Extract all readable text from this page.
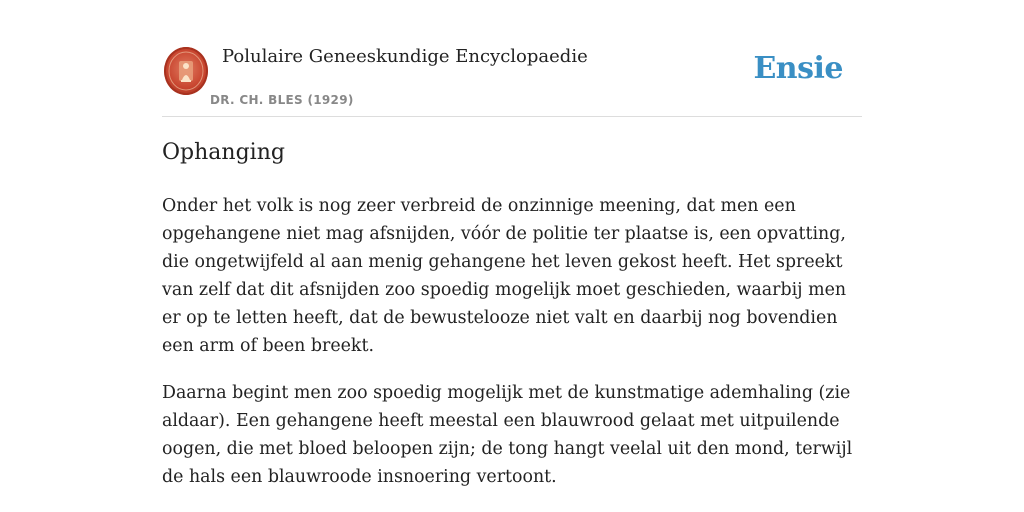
Polulaire Geneeskundige Encyclopaedie
DR. CH. BLES (1929)
Ensie
Ophanging

Onder het volk is nog zeer verbreid de onzinnige meening, dat men een opgehangene niet mag afsnijden, vóór de politie ter plaatse is, een opvatting, die ongetwijfeld al aan menig gehangene het leven gekost heeft. Het spreekt van zelf dat dit afsnijden zoo spoedig mogelijk moet geschieden, waarbij men er op te letten heeft, dat de bewustelooze niet valt en daarbij nog bovendien een arm of been breekt.

Daarna begint men zoo spoedig mogelijk met de kunstmatige ademhaling (zie aldaar). Een gehangene heeft meestal een blauwrood gelaat met uitpuilende oogen, die met bloed beloopen zijn; de tong hangt veelal uit den mond, terwijl de hals een blauwroode insnoering vertoont.
